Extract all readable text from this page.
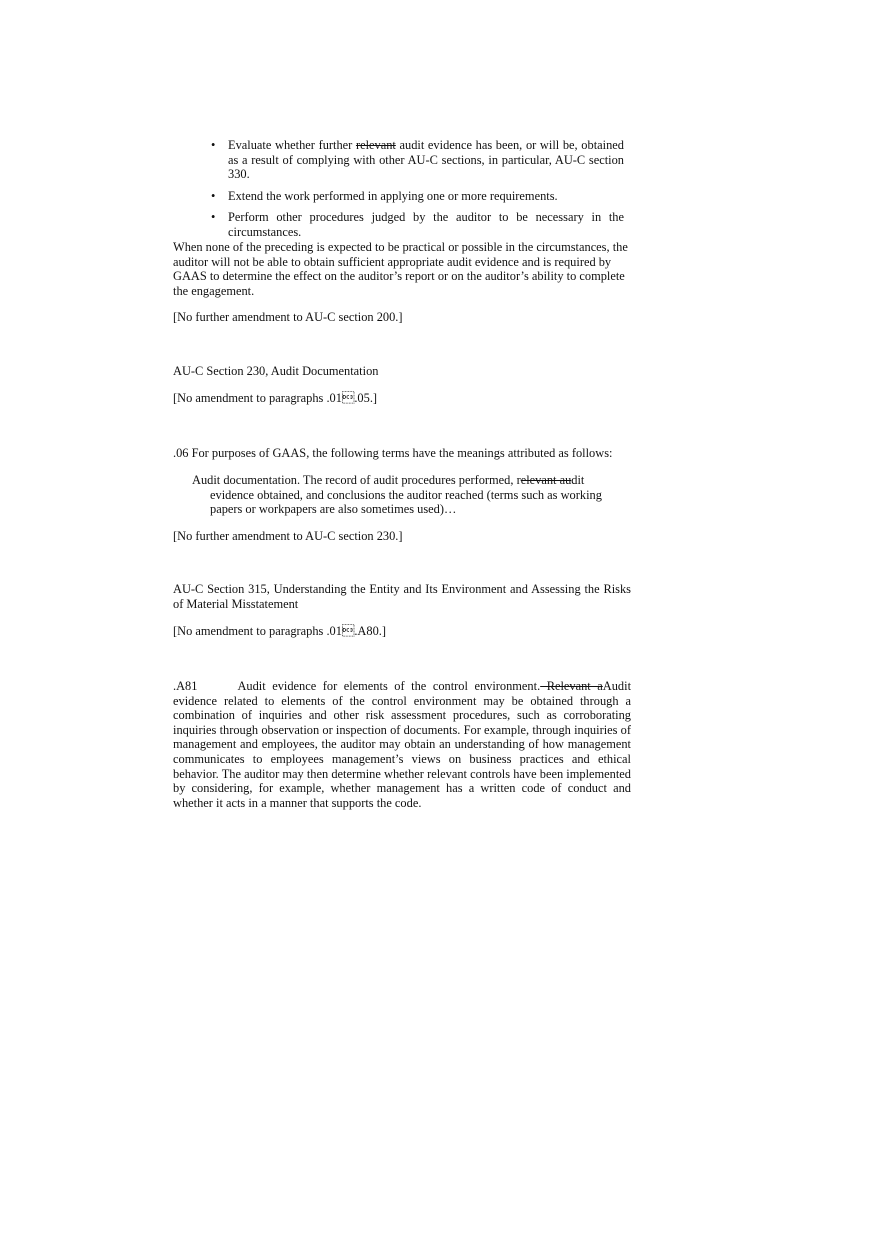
• Evaluate whether further relevant audit evidence has been, or will be, obtained as a result of complying with other AU-C sections, in particular, AU-C section 330.
• Extend the work performed in applying one or more requirements.
• Perform other procedures judged by the auditor to be necessary in the circumstances.

When none of the preceding is expected to be practical or possible in the circumstances, the auditor will not be able to obtain sufficient appropriate audit evidence and is required by GAAS to determine the effect on the auditor’s report or on the auditor’s ability to complete the engagement.

[No further amendment to AU-C section 200.]

AU-C Section 230, Audit Documentation

[No amendment to paragraphs .01.05.]

.06 For purposes of GAAS, the following terms have the meanings attributed as follows:

Audit documentation. The record of audit procedures performed, relevant audit evidence obtained, and conclusions the auditor reached (terms such as working papers or workpapers are also sometimes used)…

[No further amendment to AU-C section 230.]

AU-C Section 315, Understanding the Entity and Its Environment and Assessing the Risks of Material Misstatement

[No amendment to paragraphs .01.A80.]

.A81	Audit evidence for elements of the control environment. Relevant aAudit evidence related to elements of the control environment may be obtained through a combination of inquiries and other risk assessment procedures, such as corroborating inquiries through observation or inspection of documents. For example, through inquiries of management and employees, the auditor may obtain an understanding of how management communicates to employees management’s views on business practices and ethical behavior. The auditor may then determine whether relevant controls have been implemented by considering, for example, whether management has a written code of conduct and whether it acts in a manner that supports the code.
